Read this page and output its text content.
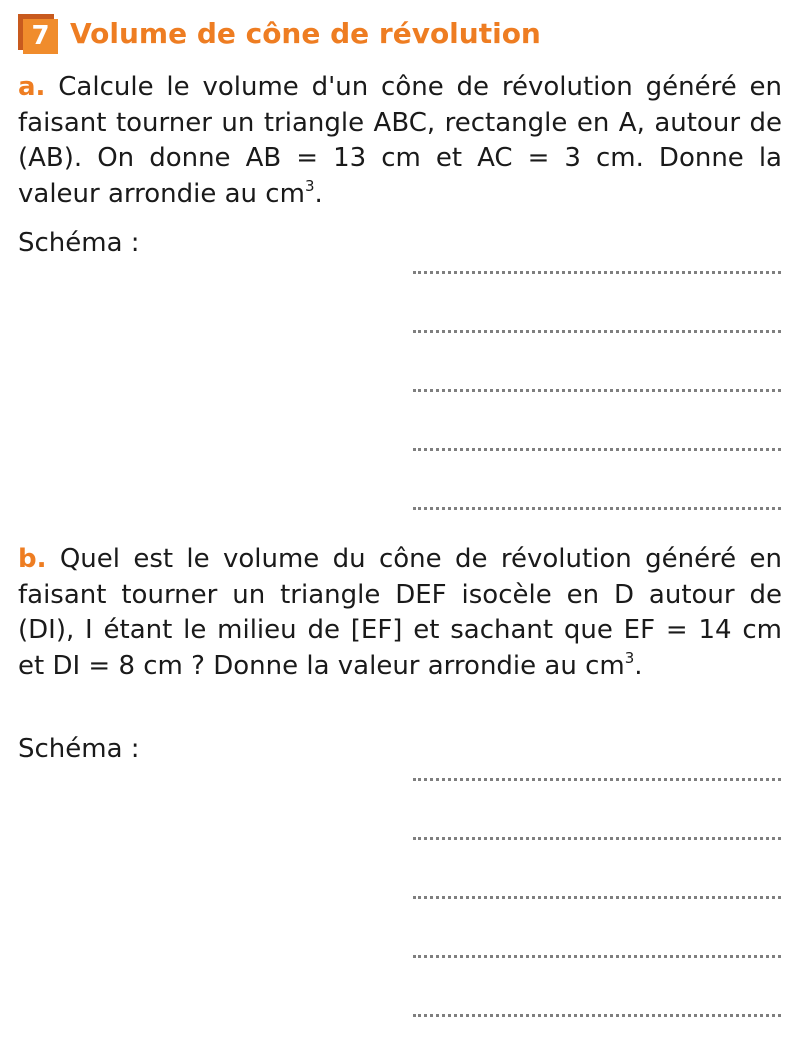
7 Volume de cône de révolution
a. Calcule le volume d'un cône de révolution généré en faisant tourner un triangle ABC, rectangle en A, autour de (AB). On donne AB = 13 cm et AC = 3 cm. Donne la valeur arrondie au $cm^3$.
Schéma :
b. Quel est le volume du cône de révolution généré en faisant tourner un triangle DEF isocèle en D autour de (DI), I étant le milieu de [EF] et sachant que EF = 14 cm et DI = 8 cm ? Donne la valeur arrondie au $cm^3$.
Schéma :
